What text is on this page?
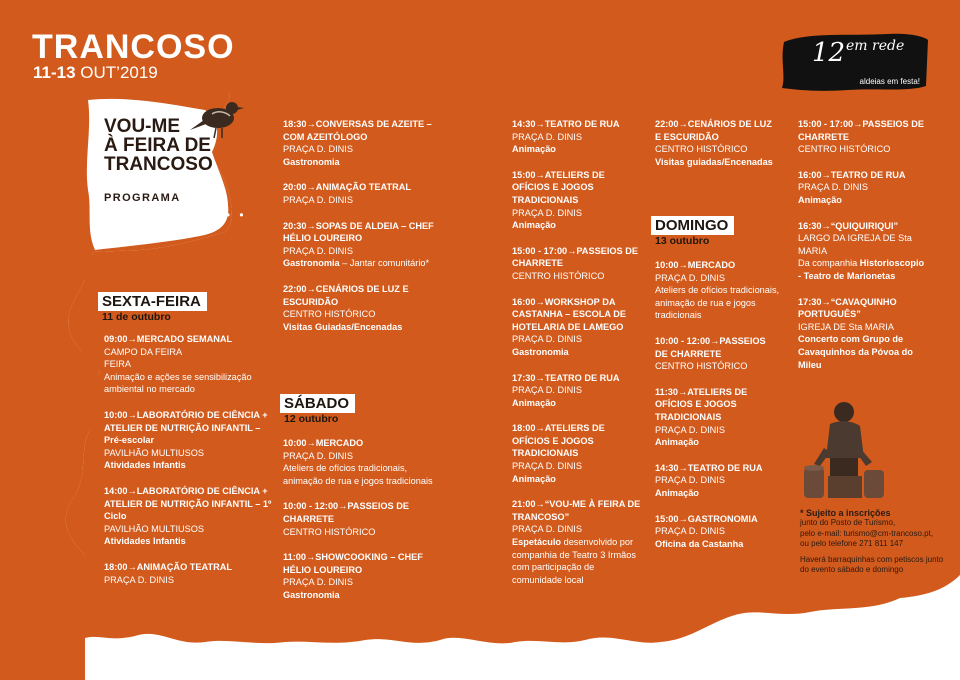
TRANCOSO
11-13 OUT’2019
12 em rede
aldeias em festa!
VOU-ME
À FEIRA DE
TRANCOSO
PROGRAMA
• • • • • • • • • • •
SEXTA-FEIRA
11 de outubro
09:00→MERCADO SEMANAL
CAMPO DA FEIRA
FEIRA
Animação e ações se sensibilização ambiental no mercado
10:00→LABORATÓRIO DE CIÊNCIA + ATELIER DE NUTRIÇÃO INFANTIL – Pré-escolar
PAVILHÃO MULTIUSOS
Atividades Infantis
14:00→LABORATÓRIO DE CIÊNCIA + ATELIER DE NUTRIÇÃO INFANTIL – 1º Ciclo
PAVILHÃO MULTIUSOS
Atividades Infantis
18:00→ANIMAÇÃO TEATRAL
PRAÇA D. DINIS
18:30→CONVERSAS DE AZEITE – COM AZEITÓLOGO
PRAÇA D. DINIS
Gastronomia
20:00→ANIMAÇÃO TEATRAL
PRAÇA D. DINIS
20:30→SOPAS DE ALDEIA – CHEF HÉLIO LOUREIRO
PRAÇA D. DINIS
Gastronomia – Jantar comunitário*
22:00→CENÁRIOS DE LUZ E ESCURIDÃO
CENTRO HISTÓRICO
Visitas Guiadas/Encenadas
SÁBADO
12 outubro
10:00→MERCADO
PRAÇA D. DINIS
Ateliers de ofícios tradicionais, animação de rua e jogos tradicionais
10:00 - 12:00→PASSEIOS DE CHARRETE
CENTRO HISTÓRICO
11:00→SHOWCOOKING – CHEF HÉLIO LOUREIRO
PRAÇA D. DINIS
Gastronomia
14:30→TEATRO DE RUA
PRAÇA D. DINIS
Animação
15:00→ATELIERS DE OFÍCIOS E JOGOS TRADICIONAIS
PRAÇA D. DINIS
Animação
15:00 - 17:00→PASSEIOS DE CHARRETE
CENTRO HISTÓRICO
16:00→WORKSHOP DA CASTANHA – ESCOLA DE HOTELARIA DE LAMEGO
PRAÇA D. DINIS
Gastronomia
17:30→TEATRO DE RUA
PRAÇA D. DINIS
Animação
18:00→ATELIERS DE OFÍCIOS E JOGOS TRADICIONAIS
PRAÇA D. DINIS
Animação
21:00→“VOU-ME À FEIRA DE TRANCOSO”
PRAÇA D. DINIS
Espetáculo desenvolvido por companhia de Teatro 3 Irmãos com participação de comunidade local
22:00→CENÁRIOS DE LUZ E ESCURIDÃO
CENTRO HISTÓRICO
Visitas guiadas/Encenadas
DOMINGO
13 outubro
10:00→MERCADO
PRAÇA D. DINIS
Ateliers de ofícios tradicionais, animação de rua e jogos tradicionais
10:00 - 12:00→PASSEIOS DE CHARRETE
CENTRO HISTÓRICO
11:30→ATELIERS DE OFÍCIOS E JOGOS TRADICIONAIS
PRAÇA D. DINIS
Animação
14:30→TEATRO DE RUA
PRAÇA D. DINIS
Animação
15:00→GASTRONOMIA
PRAÇA D. DINIS
Oficina da Castanha
15:00 - 17:00→PASSEIOS DE CHARRETE
CENTRO HISTÓRICO
16:00→TEATRO DE RUA
PRAÇA D. DINIS
Animação
16:30→“QUIQUIRIQUI”
LARGO DA IGREJA DE Sta MARIA
Da companhia Historioscopio - Teatro de Marionetas
17:30→“CAVAQUINHO PORTUGUÊS”
IGREJA DE Sta MARIA
Concerto com Grupo de Cavaquinhos da Póvoa do Mileu
* Sujeito a inscrições
junto do Posto de Turismo,
pelo e-mail: turismo@cm-trancoso.pt,
ou pelo telefone 271 811 147
Haverá barraquinhas com petiscos junto do evento sábado e domingo
